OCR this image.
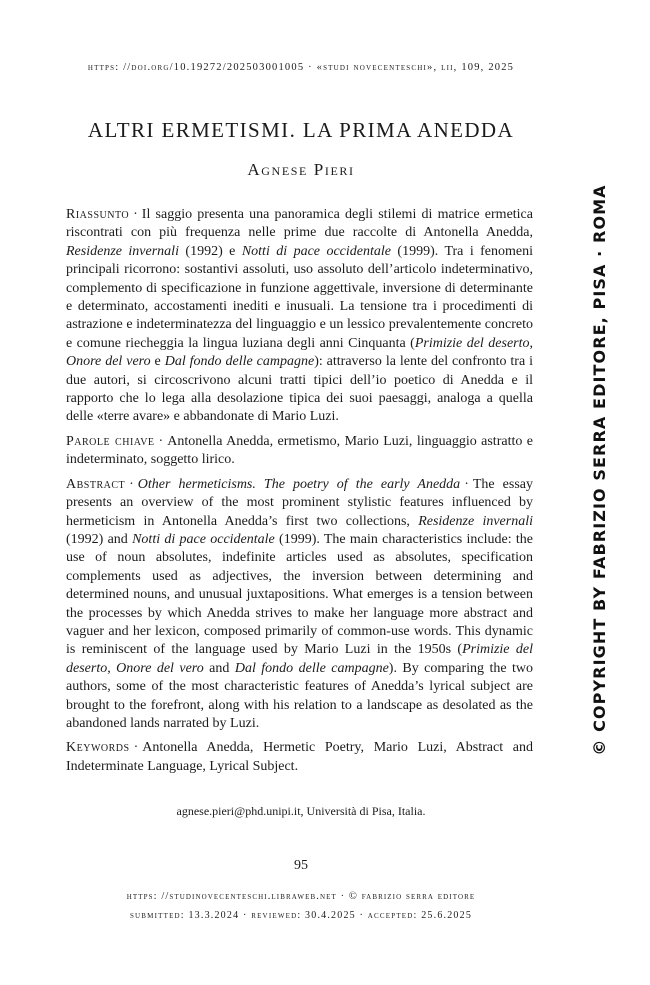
https: //doi.org/10.19272/202503001005 · «studi novecenteschi», lii, 109, 2025
ALTRI ERMETISMI. LA PRIMA ANEDDA
Agnese Pieri

Riassunto · Il saggio presenta una panoramica degli stilemi di matrice ermetica riscontrati con più frequenza nelle prime due raccolte di Antonella Anedda, Residenze invernali (1992) e Notti di pace occidentale (1999). Tra i fenomeni principali ricorrono: sostantivi assoluti, uso assoluto dell’articolo indeterminativo, complemento di specificazione in funzione aggettivale, inversione di determinante e determinato, accostamenti inediti e inusuali. La tensione tra i procedimenti di astrazione e indeterminatezza del linguaggio e un lessico prevalentemente concreto e comune riecheggia la lingua luziana degli anni Cinquanta (Primizie del deserto, Onore del vero e Dal fondo delle campagne): attraverso la lente del confronto tra i due autori, si circoscrivono alcuni tratti tipici dell’io poetico di Anedda e il rapporto che lo lega alla desolazione tipica dei suoi paesaggi, analoga a quella delle «terre avare» e abbandonate di Mario Luzi.

Parole chiave · Antonella Anedda, ermetismo, Mario Luzi, linguaggio astratto e indeterminato, soggetto lirico.

Abstract · Other hermeticisms. The poetry of the early Anedda · The essay presents an overview of the most prominent stylistic features influenced by hermeticism in Antonella Anedda’s first two collections, Residenze invernali (1992) and Notti di pace occidentale (1999). The main characteristics include: the use of noun absolutes, indefinite articles used as absolutes, specification complements used as adjectives, the inversion between determining and determined nouns, and unusual juxtapositions. What emerges is a tension between the processes by which Anedda strives to make her language more abstract and vaguer and her lexicon, composed primarily of common-use words. This dynamic is reminiscent of the language used by Mario Luzi in the 1950s (Primizie del deserto, Onore del vero and Dal fondo delle campagne). By comparing the two authors, some of the most characteristic features of Anedda’s lyrical subject are brought to the forefront, along with his relation to a landscape as desolated as the abandoned lands narrated by Luzi.

Keywords · Antonella Anedda, Hermetic Poetry, Mario Luzi, Abstract and Indeterminate Language, Lyrical Subject.

agnese.pieri@phd.unipi.it, Università di Pisa, Italia.
95
https: //studinovecenteschi.libraweb.net · © fabrizio serra editore
submitted: 13.3.2024 · reviewed: 30.4.2025 · accepted: 25.6.2025
© COPYRIGHT BY FABRIZIO SERRA EDITORE, PISA · ROMA
